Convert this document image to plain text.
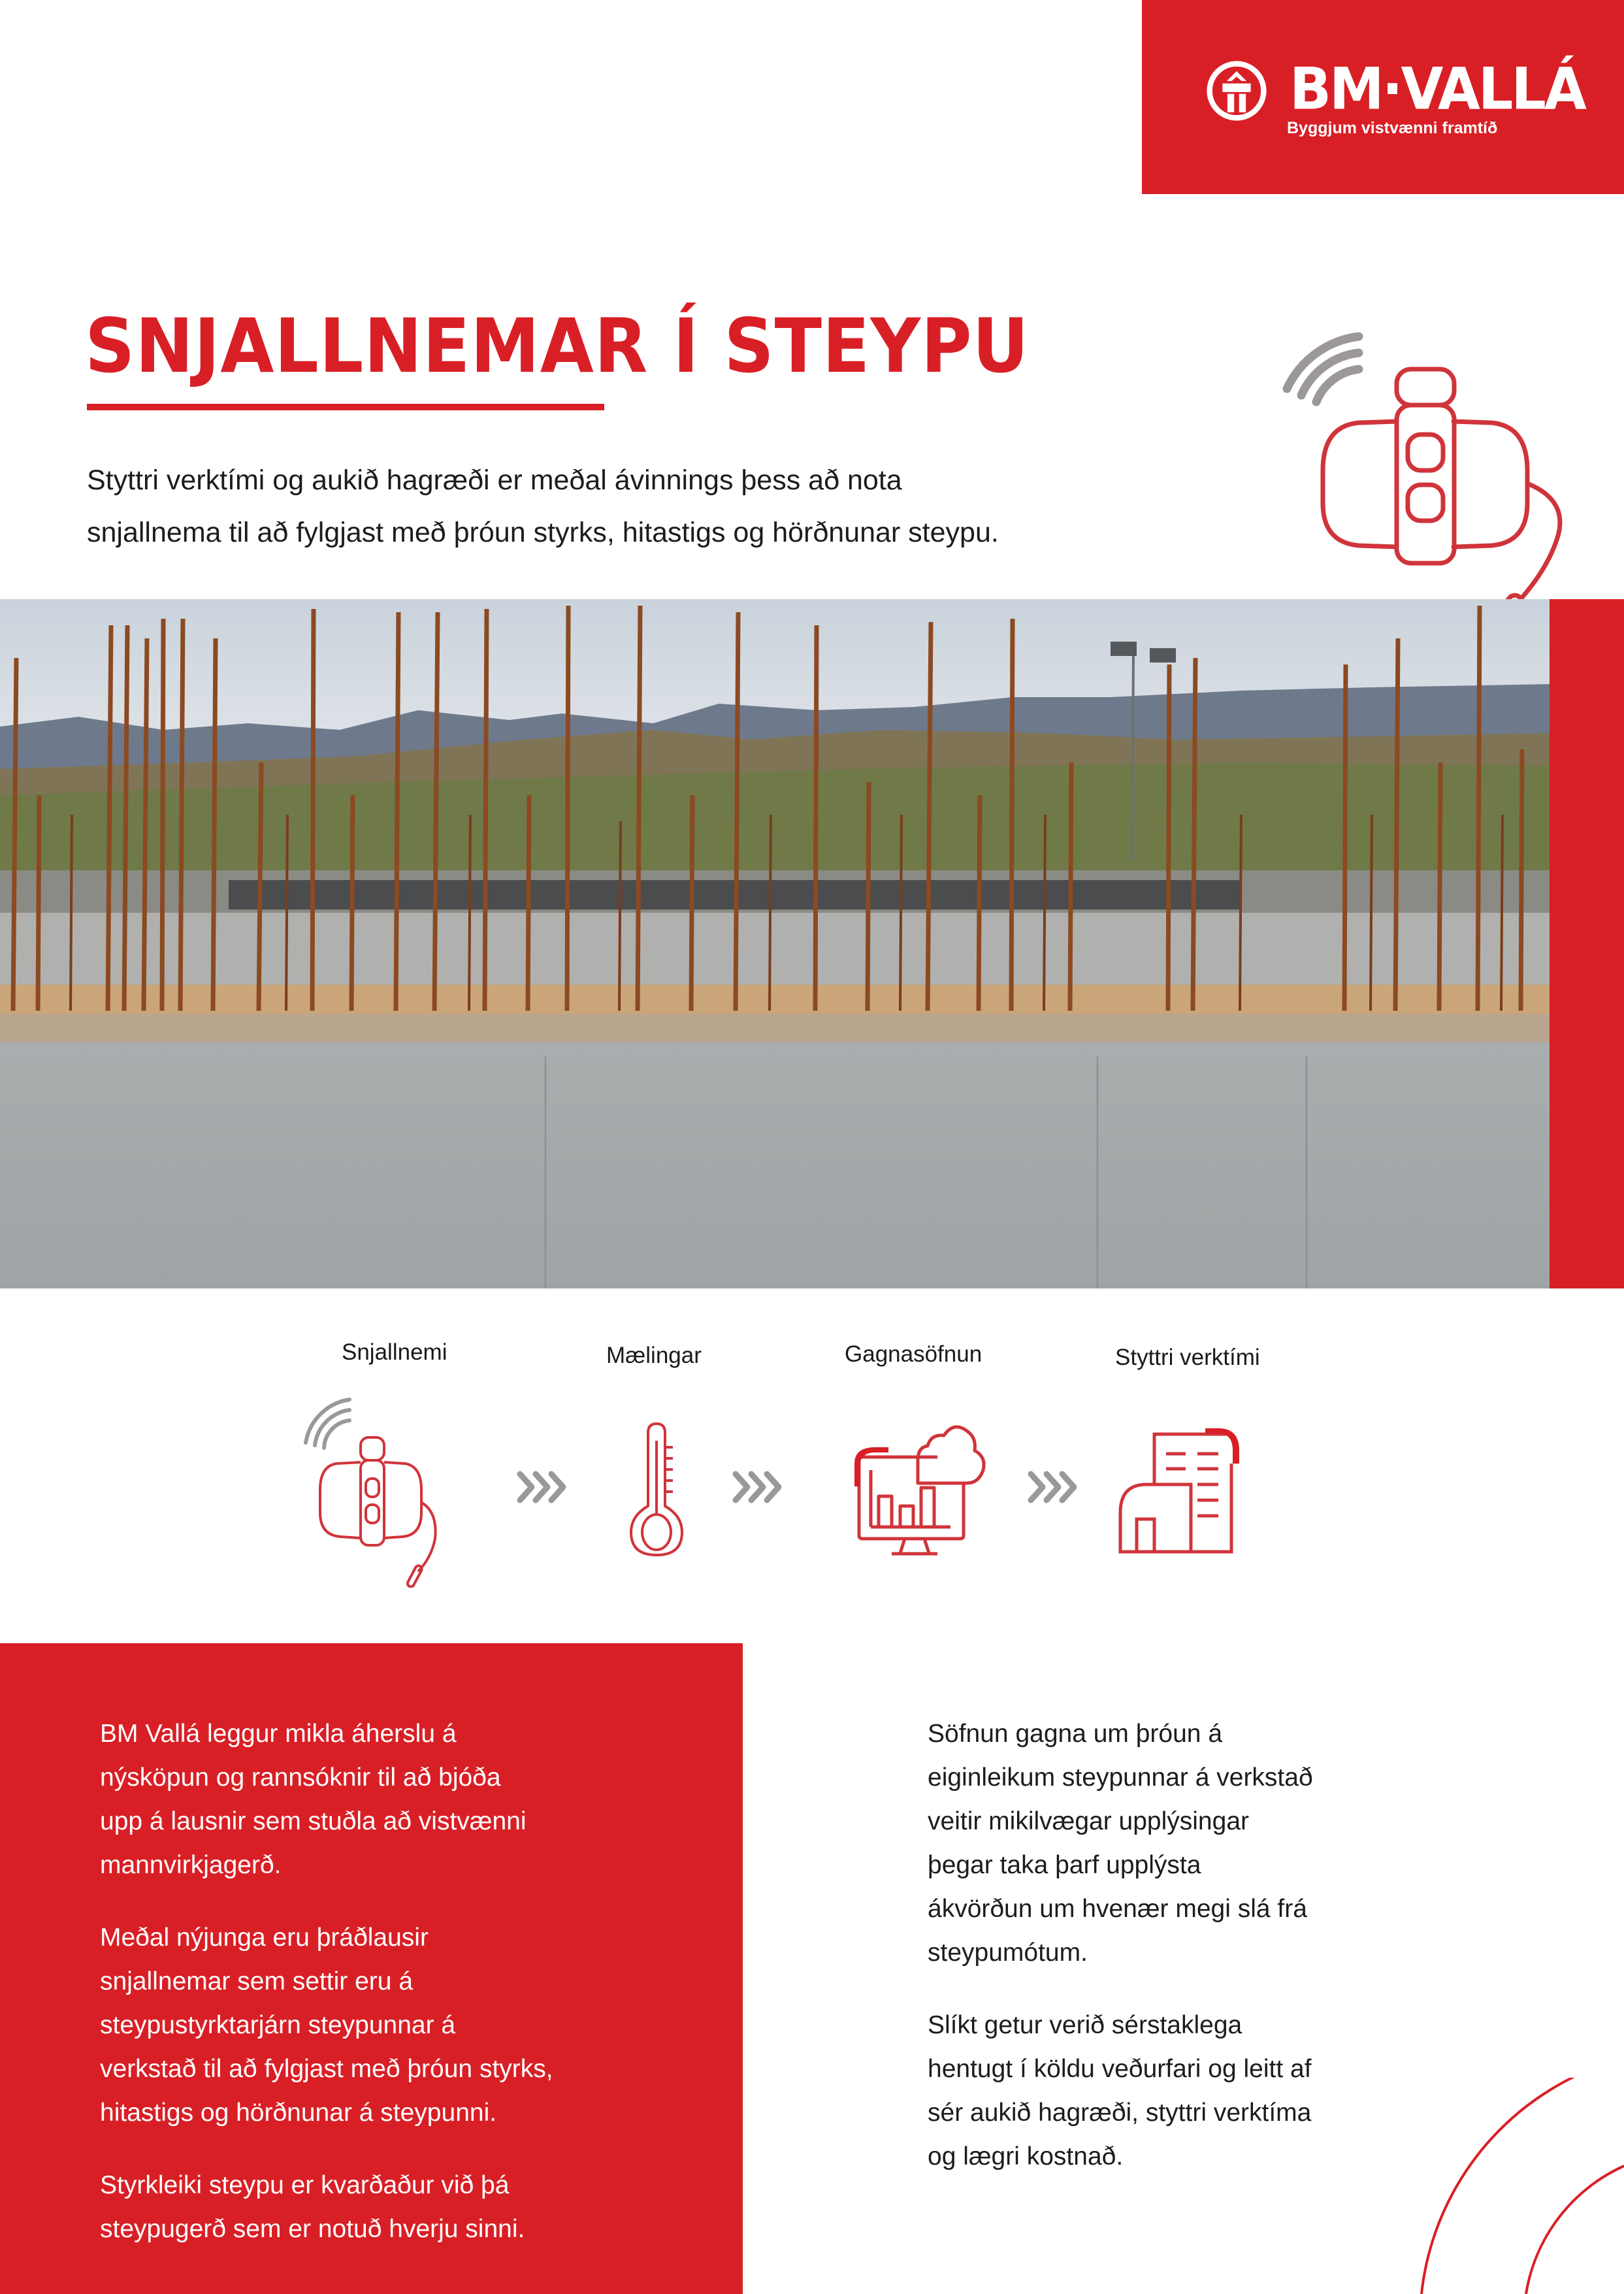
BM·VALLÁ
Byggjum vistvænni framtíð
SNJALLNEMAR Í STEYPU

Styttri verktími og aukið hagræði er meðal ávinnings þess að nota

snjallnema til að fylgjast með þróun styrks, hitastigs og hörðnunar steypu.

Snjallnemi	Mælingar	Gagnasöfnun	Styttri verktími

BM Vallá leggur mikla áherslu á
nýsköpun og rannsóknir til að bjóða
upp á lausnir sem stuðla að vistvænni
mannvirkjagerð.

Meðal nýjunga eru þráðlausir
snjallnemar sem settir eru á
steypustyrktarjárn steypunnar á
verkstað til að fylgjast með þróun styrks,
hitastigs og hörðnunar á steypunni.

Styrkleiki steypu er kvarðaður við þá
steypugerð sem er notuð hverju sinni.

Söfnun gagna um þróun á
eiginleikum steypunnar á verkstað
veitir mikilvægar upplýsingar
þegar taka þarf upplýsta
ákvörðun um hvenær megi slá frá
steypumótum.

Slíkt getur verið sérstaklega
hentugt í köldu veðurfari og leitt af
sér aukið hagræði, styttri verktíma
og lægri kostnað.
